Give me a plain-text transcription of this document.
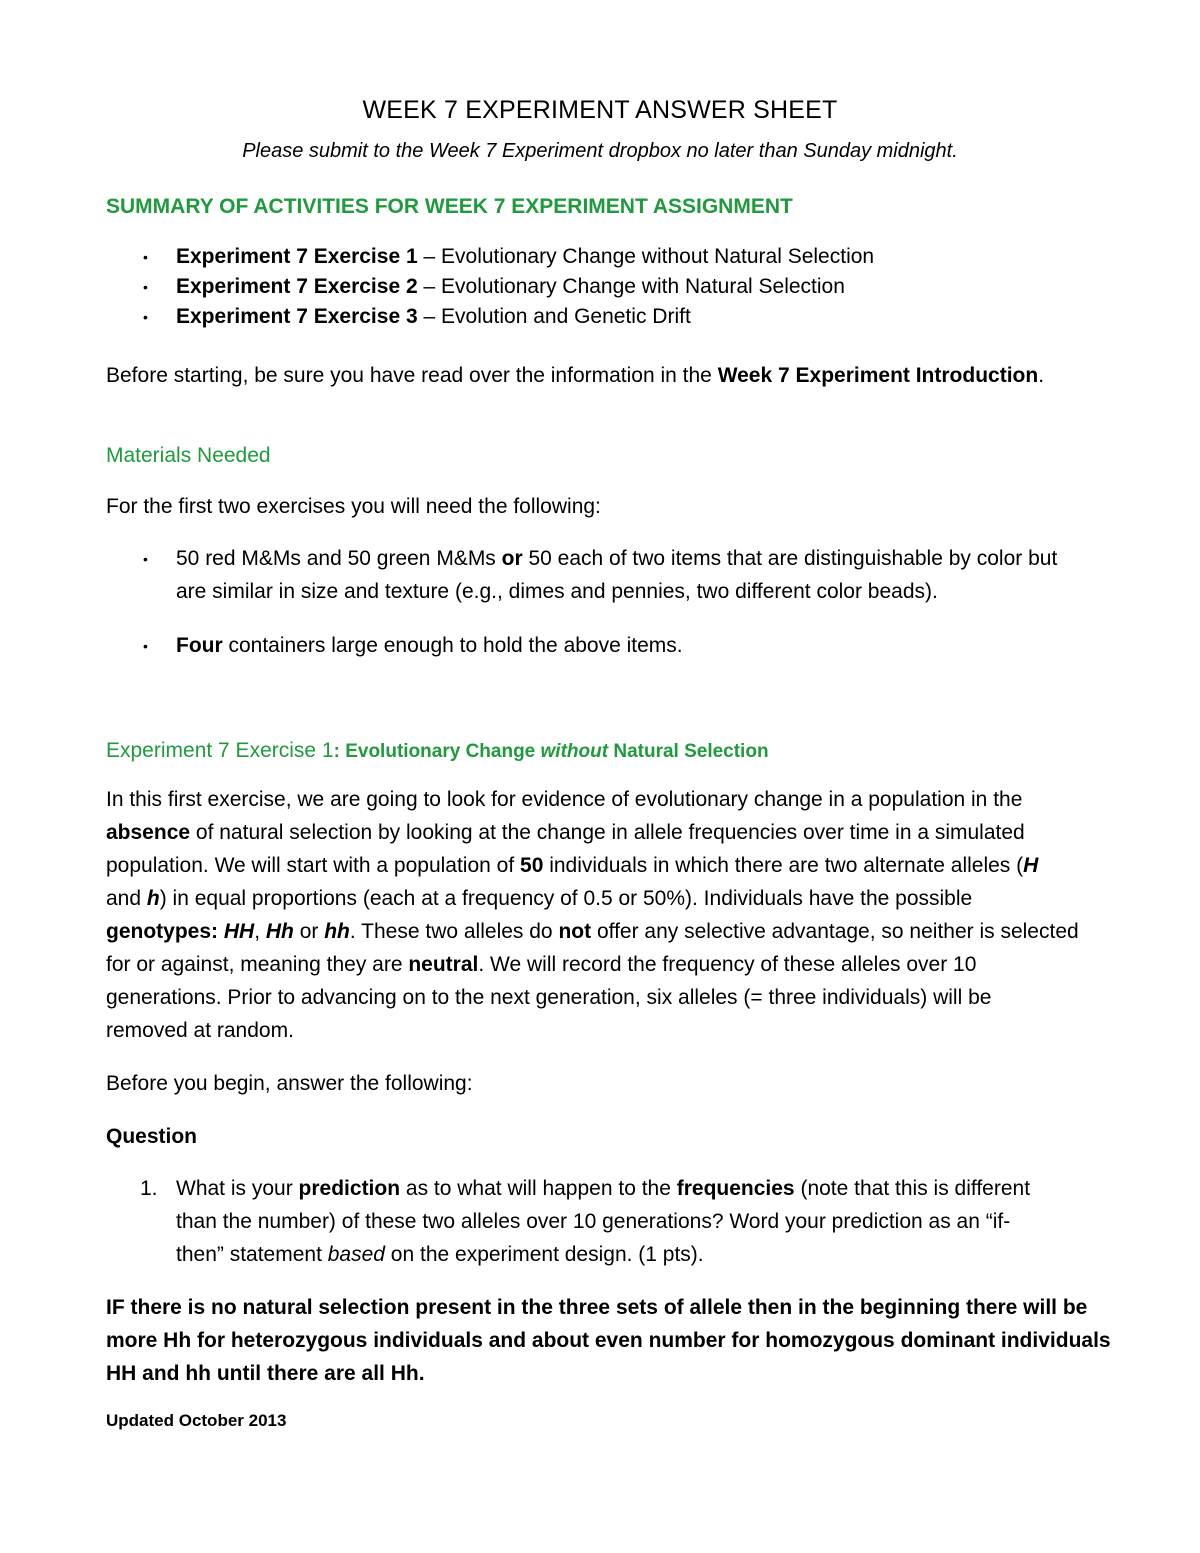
WEEK 7 EXPERIMENT ANSWER SHEET
Please submit to the Week 7 Experiment dropbox no later than Sunday midnight.
SUMMARY OF ACTIVITIES FOR WEEK 7 EXPERIMENT ASSIGNMENT
• Experiment 7 Exercise 1 – Evolutionary Change without Natural Selection
• Experiment 7 Exercise 2 – Evolutionary Change with Natural Selection
• Experiment 7 Exercise 3 – Evolution and Genetic Drift
Before starting, be sure you have read over the information in the Week 7 Experiment Introduction.
Materials Needed
For the first two exercises you will need the following:
• 50 red M&Ms and 50 green M&Ms or 50 each of two items that are distinguishable by color but
are similar in size and texture (e.g., dimes and pennies, two different color beads).
• Four containers large enough to hold the above items.
Experiment 7 Exercise 1: Evolutionary Change without Natural Selection
In this first exercise, we are going to look for evidence of evolutionary change in a population in the
absence of natural selection by looking at the change in allele frequencies over time in a simulated
population. We will start with a population of 50 individuals in which there are two alternate alleles (H
and h) in equal proportions (each at a frequency of 0.5 or 50%). Individuals have the possible
genotypes: HH, Hh or hh. These two alleles do not offer any selective advantage, so neither is selected
for or against, meaning they are neutral. We will record the frequency of these alleles over 10
generations. Prior to advancing on to the next generation, six alleles (= three individuals) will be
removed at random.
Before you begin, answer the following:
Question
1. What is your prediction as to what will happen to the frequencies (note that this is different
than the number) of these two alleles over 10 generations? Word your prediction as an “if-
then” statement based on the experiment design. (1 pts).
IF there is no natural selection present in the three sets of allele then in the beginning there will be
more Hh for heterozygous individuals and about even number for homozygous dominant individuals
HH and hh until there are all Hh.
Updated October 2013
